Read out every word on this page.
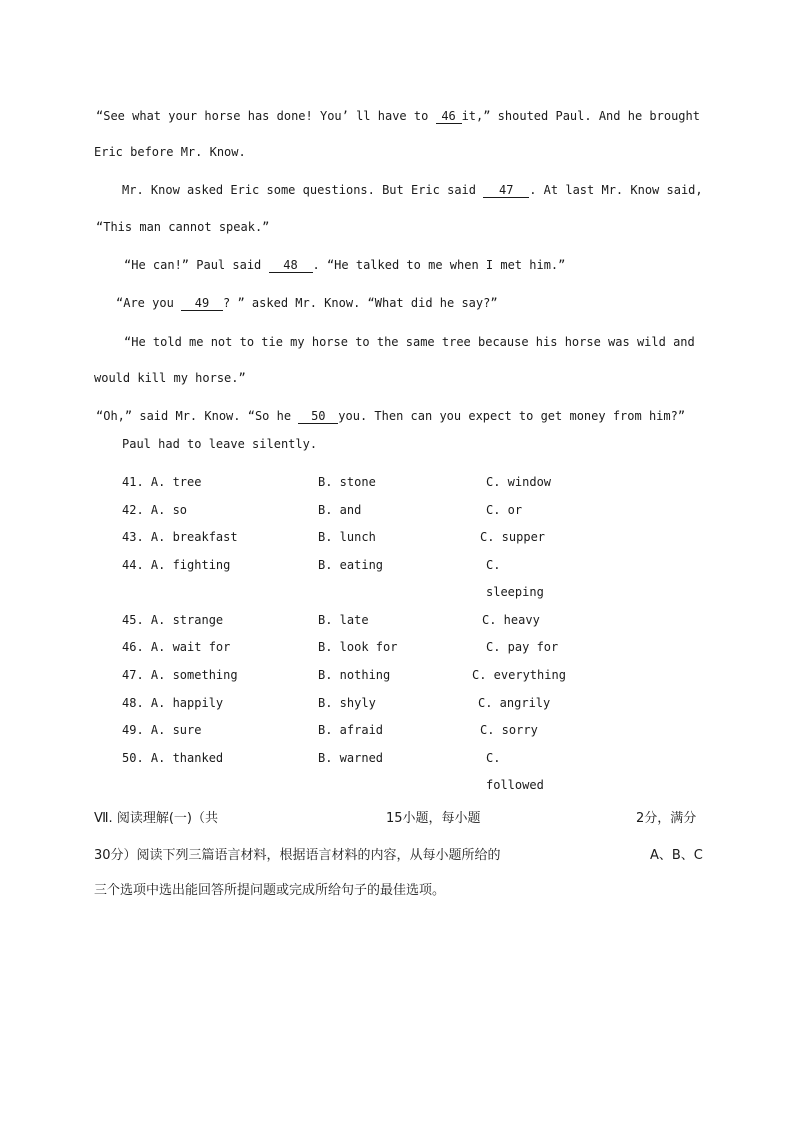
“See what your horse has done! You’ ll have to 46 it,” shouted Paul. And he brought
Eric before Mr. Know.
Mr. Know asked Eric some questions. But Eric said 47 . At last Mr. Know said,
“This man cannot speak.”
“He can!” Paul said 48 . “He talked to me when I met him.”
“Are you 49 ? ” asked Mr. Know. “What did he say?”
“He told me not to tie my horse to the same tree because his horse was wild and
would kill my horse.”
“Oh,” said Mr. Know. “So he 50 you. Then can you expect to get money from him?”
Paul had to leave silently.
41. A. tree	B. stone	C. window
42. A. so	B. and	C. or
43. A. breakfast	B. lunch	C. supper
44. A. fighting	B. eating	C.
sleeping
45. A. strange	B. late	C. heavy
46. A. wait for	B. look for	C. pay for
47. A. something	B. nothing	C. everything
48. A. happily	B. shyly	C. angrily
49. A. sure	B. afraid	C. sorry
50. A. thanked	B. warned	C.
followed
Ⅶ. 阅读理解(一)（共	15小题，每小题	2分，满分
30分）阅读下列三篇语言材料，根据语言材料的内容，从每小题所给的	A、B、C
三个选项中选出能回答所提问题或完成所给句子的最佳选项。
